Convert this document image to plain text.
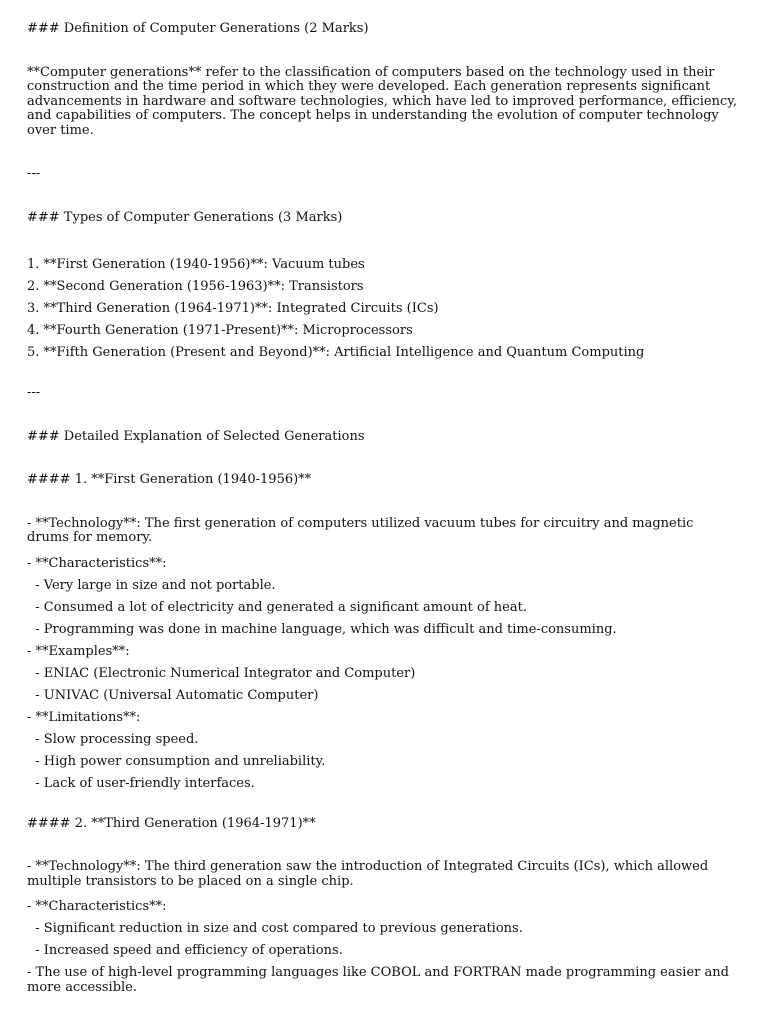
### Definition of Computer Generations (2 Marks)
**Computer generations** refer to the classification of computers based on the technology used in their construction and the time period in which they were developed. Each generation represents significant advancements in hardware and software technologies, which have led to improved performance, efficiency, and capabilities of computers. The concept helps in understanding the evolution of computer technology over time.
---
### Types of Computer Generations (3 Marks)
1. **First Generation (1940-1956)**: Vacuum tubes
2. **Second Generation (1956-1963)**: Transistors
3. **Third Generation (1964-1971)**: Integrated Circuits (ICs)
4. **Fourth Generation (1971-Present)**: Microprocessors
5. **Fifth Generation (Present and Beyond)**: Artificial Intelligence and Quantum Computing
---
### Detailed Explanation of Selected Generations
#### 1. **First Generation (1940-1956)**
- **Technology**: The first generation of computers utilized vacuum tubes for circuitry and magnetic drums for memory.
- **Characteristics**:
- Very large in size and not portable.
- Consumed a lot of electricity and generated a significant amount of heat.
- Programming was done in machine language, which was difficult and time-consuming.
- **Examples**:
- ENIAC (Electronic Numerical Integrator and Computer)
- UNIVAC (Universal Automatic Computer)
- **Limitations**:
- Slow processing speed.
- High power consumption and unreliability.
- Lack of user-friendly interfaces.
#### 2. **Third Generation (1964-1971)**
- **Technology**: The third generation saw the introduction of Integrated Circuits (ICs), which allowed multiple transistors to be placed on a single chip.
- **Characteristics**:
- Significant reduction in size and cost compared to previous generations.
- Increased speed and efficiency of operations.
- The use of high-level programming languages like COBOL and FORTRAN made programming easier and more accessible.
